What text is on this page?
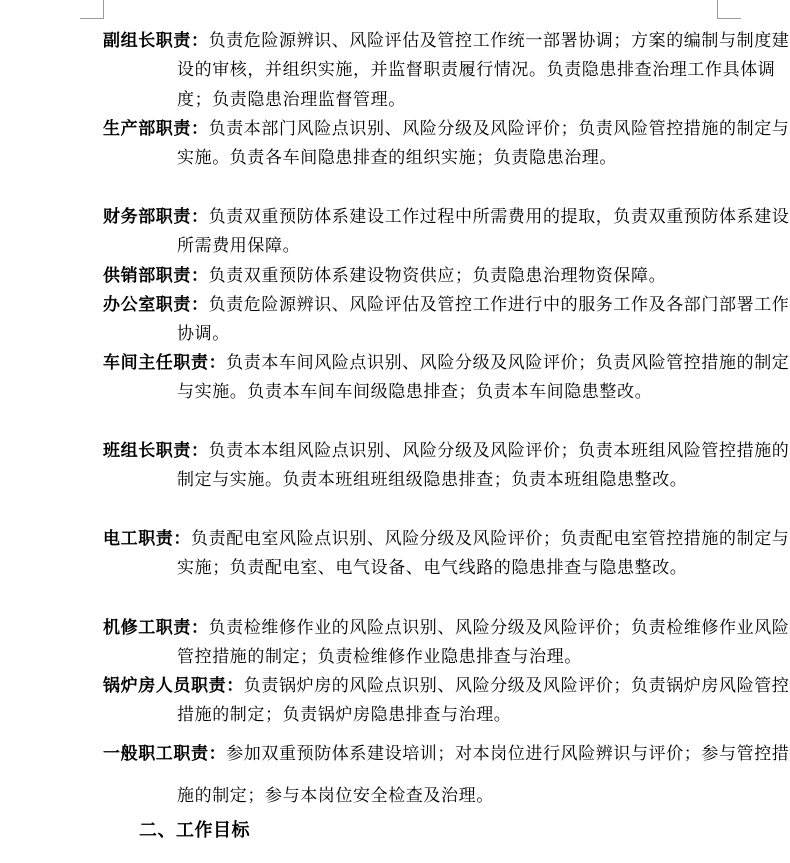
副组长职责：负责危险源辨识、风险评估及管控工作统一部署协调；方案的编制与制度建设的审核，并组织实施，并监督职责履行情况。负责隐患排查治理工作具体调度；负责隐患治理监督管理。

生产部职责：负责本部门风险点识别、风险分级及风险评价；负责风险管控措施的制定与实施。负责各车间隐患排查的组织实施；负责隐患治理。

财务部职责：负责双重预防体系建设工作过程中所需费用的提取，负责双重预防体系建设所需费用保障。

供销部职责：负责双重预防体系建设物资供应；负责隐患治理物资保障。

办公室职责：负责危险源辨识、风险评估及管控工作进行中的服务工作及各部门部署工作协调。

车间主任职责：负责本车间风险点识别、风险分级及风险评价；负责风险管控措施的制定与实施。负责本车间车间级隐患排查；负责本车间隐患整改。

班组长职责：负责本本组风险点识别、风险分级及风险评价；负责本班组风险管控措施的制定与实施。负责本班组班组级隐患排查；负责本班组隐患整改。

电工职责：负责配电室风险点识别、风险分级及风险评价；负责配电室管控措施的制定与实施；负责配电室、电气设备、电气线路的隐患排查与隐患整改。

机修工职责：负责检维修作业的风险点识别、风险分级及风险评价；负责检维修作业风险管控措施的制定；负责检维修作业隐患排查与治理。

锅炉房人员职责：负责锅炉房的风险点识别、风险分级及风险评价；负责锅炉房风险管控措施的制定；负责锅炉房隐患排查与治理。

一般职工职责：参加双重预防体系建设培训；对本岗位进行风险辨识与评价；参与管控措施的制定；参与本岗位安全检查及治理。

二、工作目标
